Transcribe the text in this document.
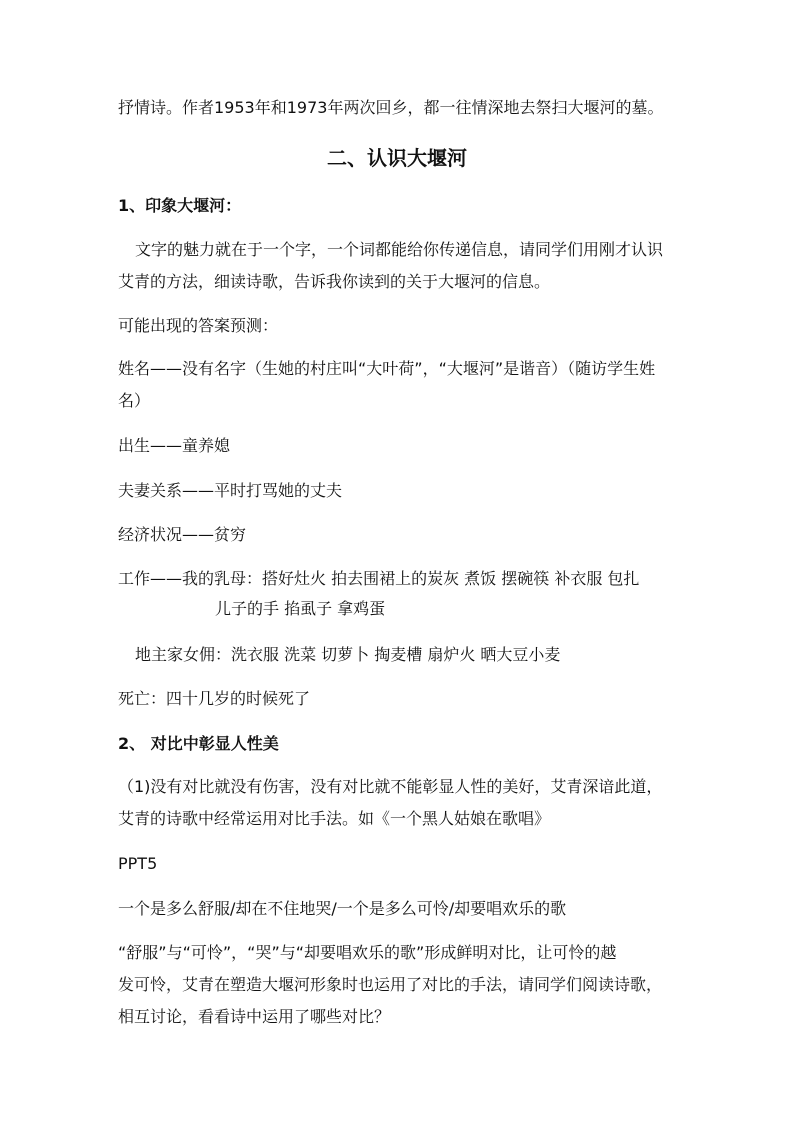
抒情诗。作者1953年和1973年两次回乡，都一往情深地去祭扫大堰河的墓。

二、认识大堰河

1、印象大堰河：

文字的魅力就在于一个字，一个词都能给你传递信息，请同学们用刚才认识

艾青的方法，细读诗歌，告诉我你读到的关于大堰河的信息。

可能出现的答案预测：

姓名——没有名字（生她的村庄叫“大叶荷”，“大堰河”是谐音）（随访学生姓

名）

出生——童养媳

夫妻关系——平时打骂她的丈夫

经济状况——贫穷

工作——我的乳母：搭好灶火 拍去围裙上的炭灰 煮饭 摆碗筷 补衣服 包扎

儿子的手 掐虱子 拿鸡蛋

地主家女佣：洗衣服 洗菜 切萝卜 掏麦槽 扇炉火 晒大豆小麦

死亡：四十几岁的时候死了

2、 对比中彰显人性美

（1)没有对比就没有伤害，没有对比就不能彰显人性的美好，艾青深谙此道，

艾青的诗歌中经常运用对比手法。如《一个黑人姑娘在歌唱》

PPT5

一个是多么舒服/却在不住地哭/一个是多么可怜/却要唱欢乐的歌

“舒服”与“可怜”，“哭”与“却要唱欢乐的歌”形成鲜明对比，让可怜的越

发可怜，艾青在塑造大堰河形象时也运用了对比的手法，请同学们阅读诗歌，

相互讨论，看看诗中运用了哪些对比？
